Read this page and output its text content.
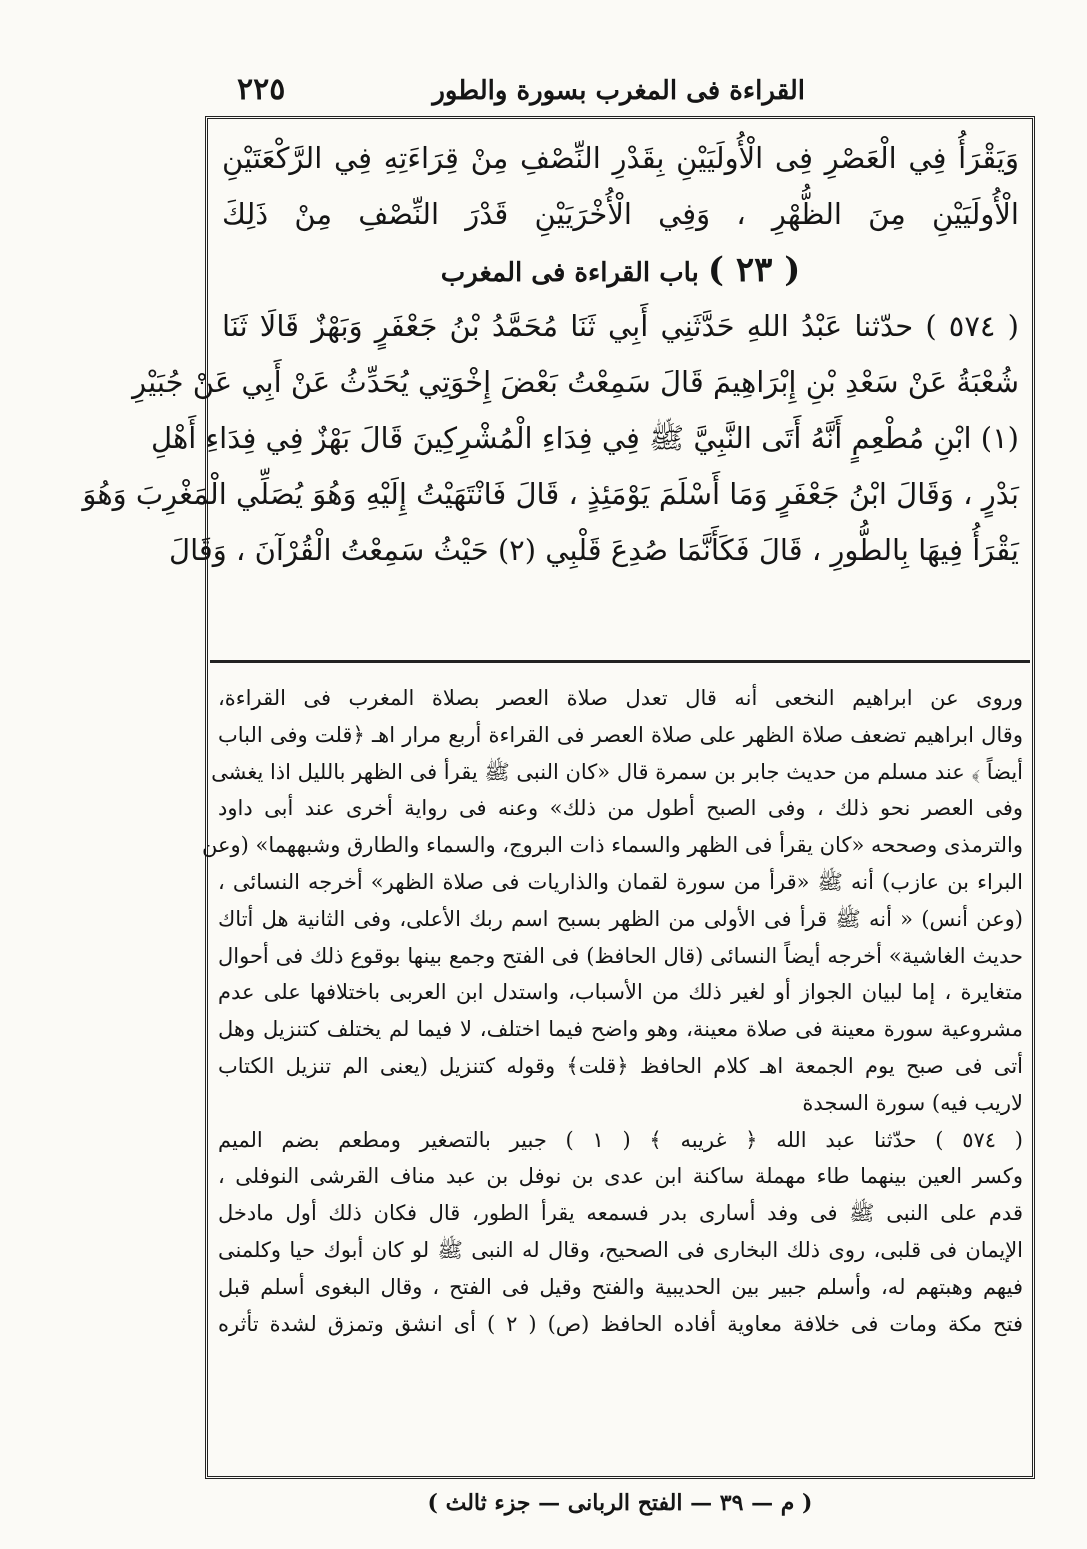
القراءة فى المغرب بسورة والطور
٢٢٥
وَيَقْرَأُ فِي الْعَصْرِ فِى الْأُولَيَيْنِ بِقَدْرِ النِّصْفِ مِنْ قِرَاءَتِهِ فِي الرَّكْعَتَيْنِ
الْأُولَيَيْنِ مِنَ الظُّهْرِ ، وَفِي الْأُخْرَيَيْنِ قَدْرَ النِّصْفِ مِنْ ذَلِكَ
( ٢٣ ) باب القراءة فى المغرب
( ٥٧٤ ) حدّثنا عَبْدُ اللهِ حَدَّثَنِي أَبِي ثَنَا مُحَمَّدُ بْنُ جَعْفَرٍ وَبَهْزٌ قَالَا ثَنَا
شُعْبَةُ عَنْ سَعْدِ بْنِ إِبْرَاهِيمَ قَالَ سَمِعْتُ بَعْضَ إِخْوَتِي يُحَدِّثُ عَنْ أَبِي عَنْ جُبَيْرِ
(١) ابْنِ مُطْعِمٍ أَنَّهُ أَتَى النَّبِيَّ ﷺ فِي فِدَاءِ الْمُشْرِكِينَ قَالَ بَهْزٌ فِي فِدَاءِ أَهْلِ
بَدْرٍ ، وَقَالَ ابْنُ جَعْفَرٍ وَمَا أَسْلَمَ يَوْمَئِذٍ ، قَالَ فَانْتَهَيْتُ إِلَيْهِ وَهُوَ يُصَلِّي الْمَغْرِبَ وَهُوَ
يَقْرَأُ فِيهَا بِالطُّورِ ، قَالَ فَكَأَنَّمَا صُدِعَ قَلْبِي (٢) حَيْثُ سَمِعْتُ الْقُرْآنَ ، وَقَالَ
وروى عن ابراهيم النخعى أنه قال تعدل صلاة العصر بصلاة المغرب فى القراءة،
وقال ابراهيم تضعف صلاة الظهر على صلاة العصر فى القراءة أربع مرار اهـ ﴿قلت وفى الباب
أيضاً ﴾ عند مسلم من حديث جابر بن سمرة قال «كان النبى ﷺ يقرأ فى الظهر بالليل اذا يغشى
وفى العصر نحو ذلك ، وفى الصبح أطول من ذلك» وعنه فى رواية أخرى عند أبى داود
والترمذى وصححه «كان يقرأ فى الظهر والسماء ذات البروج، والسماء والطارق وشبههما» (وعن
البراء بن عازب) أنه ﷺ «قرأ من سورة لقمان والذاريات فى صلاة الظهر» أخرجه النسائى ،
(وعن أنس) « أنه ﷺ قرأ فى الأولى من الظهر بسبح اسم ربك الأعلى، وفى الثانية هل أتاك
حديث الغاشية» أخرجه أيضاً النسائى (قال الحافظ) فى الفتح وجمع بينها بوقوع ذلك فى أحوال
متغايرة ، إما لبيان الجواز أو لغير ذلك من الأسباب، واستدل ابن العربى باختلافها على عدم
مشروعية سورة معينة فى صلاة معينة، وهو واضح فيما اختلف، لا فيما لم يختلف كتنزيل وهل
أتى فى صبح يوم الجمعة اهـ كلام الحافظ ﴿قلت﴾ وقوله كتنزيل (يعنى الم تنزيل الكتاب
لاريب فيه) سورة السجدة
( ٥٧٤ ) حدّثنا عبد الله ﴿ غريبه ﴾ ( ١ ) جبير بالتصغير ومطعم بضم الميم
وكسر العين بينهما طاء مهملة ساكنة ابن عدى بن نوفل بن عبد مناف القرشى النوفلى ،
قدم على النبى ﷺ فى وفد أسارى بدر فسمعه يقرأ الطور، قال فكان ذلك أول مادخل
الإيمان فى قلبى، روى ذلك البخارى فى الصحيح، وقال له النبى ﷺ لو كان أبوك حيا وكلمنى
فيهم وهبتهم له، وأسلم جبير بين الحديبية والفتح وقيل فى الفتح ، وقال البغوى أسلم قبل
فتح مكة ومات فى خلافة معاوية أفاده الحافظ (ص) ( ٢ ) أى انشق وتمزق لشدة تأثره
( م — ٣٩ — الفتح الربانى — جزء ثالث )
